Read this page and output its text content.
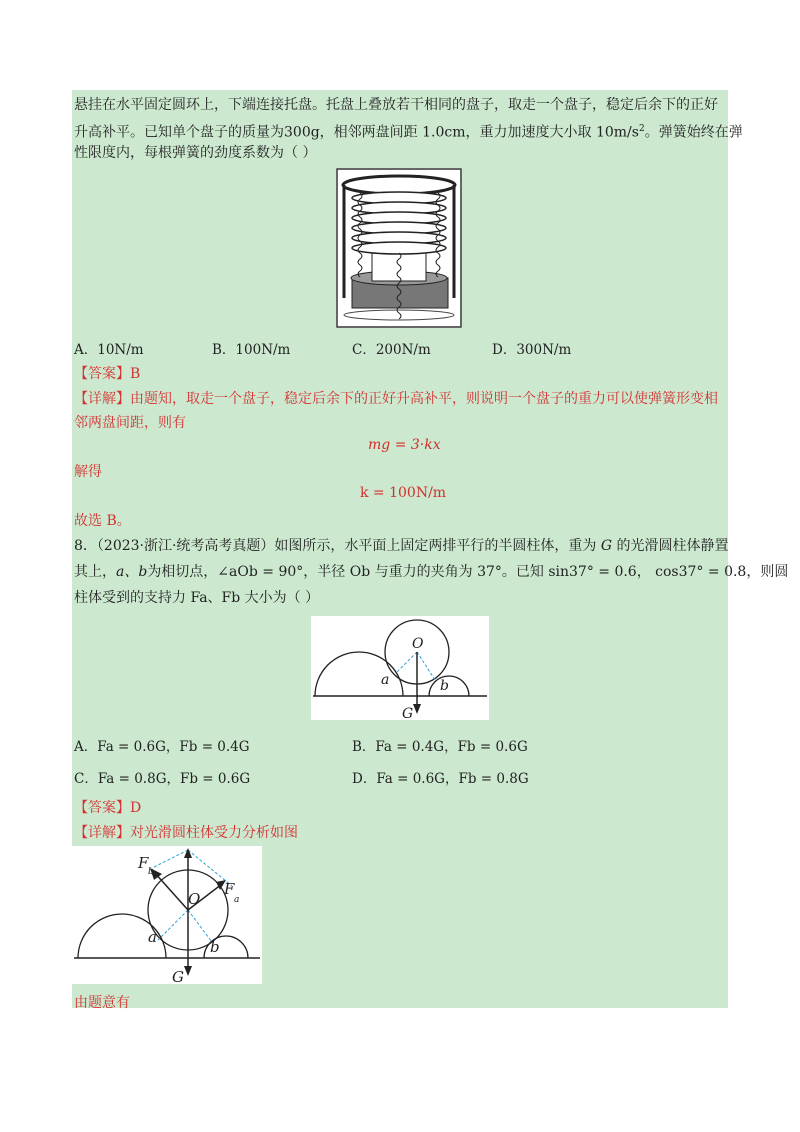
悬挂在水平固定圆环上，下端连接托盘。托盘上叠放若干相同的盘子，取走一个盘子，稳定后余下的正好
升高补平。已知单个盘子的质量为300g，相邻两盘间距 1.0cm，重力加速度大小取 $10m/s^2$。弹簧始终在弹
性限度内，每根弹簧的劲度系数为（ ）
A．10N/m	B．100N/m	C．200N/m	D．300N/m
【答案】B
【详解】由题知，取走一个盘子，稳定后余下的正好升高补平，则说明一个盘子的重力可以使弹簧形变相
邻两盘间距，则有
mg = 3·kx
解得
k = 100N/m
故选 B。
8．（2023·浙江·统考高考真题）如图所示，水平面上固定两排平行的半圆柱体，重为 G 的光滑圆柱体静置
其上，a、b为相切点，∠aOb = 90°，半径 Ob 与重力的夹角为 37°。已知 sin37° = 0.6， cos37° = 0.8，则圆
柱体受到的支持力 Fa、Fb 大小为（ ）
O
a	b
G
A．Fa = 0.6G，Fb = 0.4G	B．Fa = 0.4G，Fb = 0.6G
C．Fa = 0.8G，Fb = 0.6G	D．Fa = 0.6G，Fb = 0.8G
【答案】D
【详解】对光滑圆柱体受力分析如图
F b
F
a
O
a
b
G
由题意有
